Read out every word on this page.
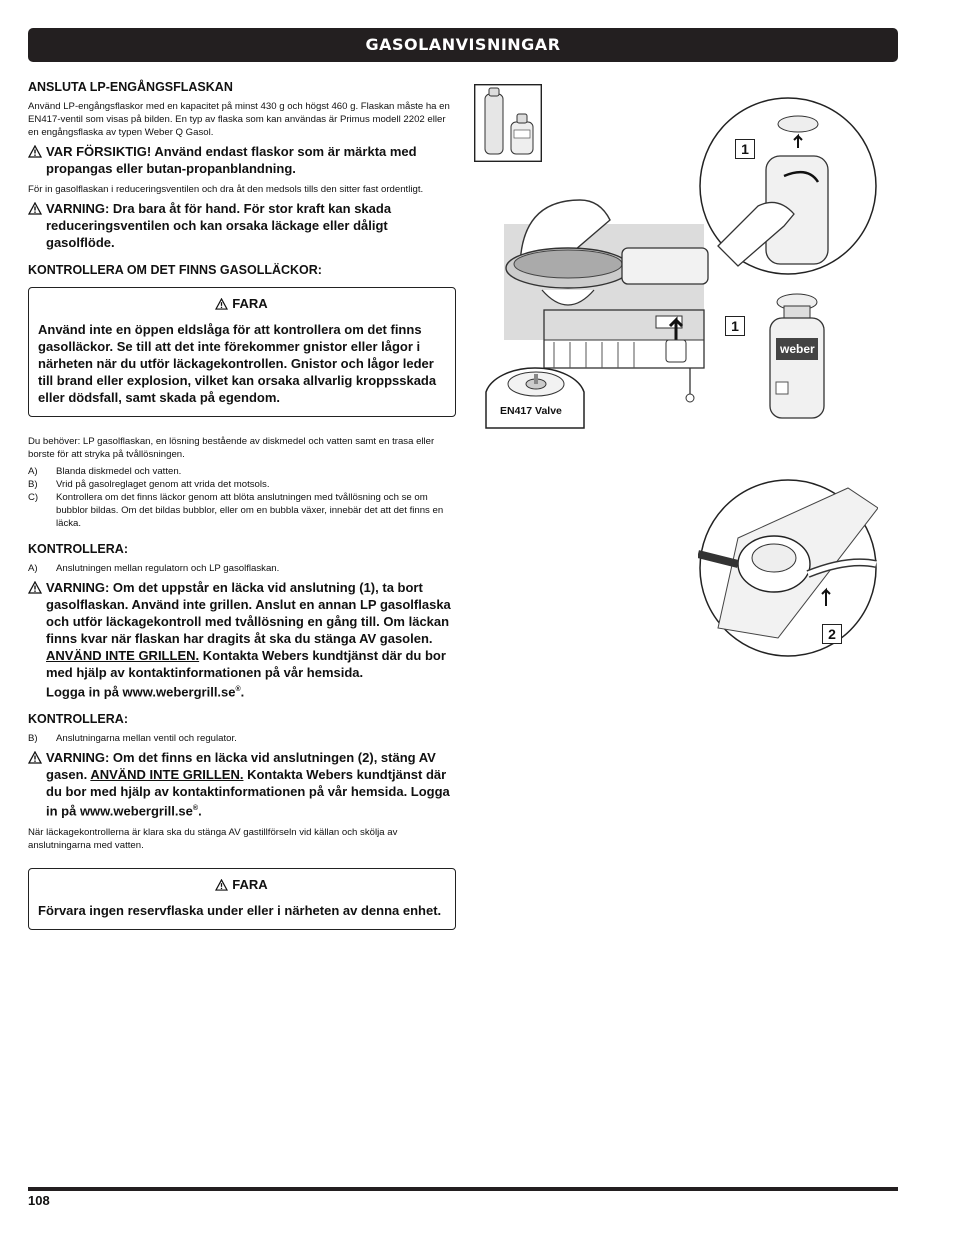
GASOLANVISNINGAR
ANSLUTA LP-ENGÅNGSFLASKAN

Använd LP-engångsflaskor med en kapacitet på minst 430 g och högst 460 g. Flaskan måste ha en EN417-ventil som visas på bilden. En typ av flaska som kan användas är Primus modell 2202 eller en engångsflaska av typen Weber Q Gasol.

VAR FÖRSIKTIG! Använd endast flaskor som är märkta med propangas eller butan-propanblandning.

För in gasolflaskan i reduceringsventilen och dra åt den medsols tills den sitter fast ordentligt.

VARNING: Dra bara åt för hand. För stor kraft kan skada reduceringsventilen och kan orsaka läckage eller dåligt gasolflöde.
KONTROLLERA OM DET FINNS GASOLLÄCKOR:
FARA
Använd inte en öppen eldslåga för att kontrollera om det finns gasolläckor. Se till att det inte förekommer gnistor eller lågor i närheten när du utför läckagekontrollen. Gnistor och lågor leder till brand eller explosion, vilket kan orsaka allvarlig kroppsskada eller dödsfall, samt skada på egendom.

Du behöver: LP gasolflaskan, en lösning bestående av diskmedel och vatten samt en trasa eller borste för att stryka på tvållösningen.

A)	Blanda diskmedel och vatten.
B)	Vrid på gasolreglaget genom att vrida det motsols.
C)	Kontrollera om det finns läckor genom att blöta anslutningen med tvållösning och se om bubblor bildas. Om det bildas bubblor, eller om en bubbla växer, innebär det att det finns en läcka.
KONTROLLERA:
A)	Anslutningen mellan regulatorn och LP gasolflaskan.
VARNING: Om det uppstår en läcka vid anslutning (1), ta bort gasolflaskan. Använd inte grillen. Anslut en annan LP gasolflaska och utför läckagekontroll med tvållösning en gång till. Om läckan finns kvar när flaskan har dragits åt ska du stänga AV gasolen. ANVÄND INTE GRILLEN. Kontakta Webers kundtjänst där du bor med hjälp av kontaktinformationen på vår hemsida.
Logga in på www.webergrill.se®.
KONTROLLERA:
B)	Anslutningarna mellan ventil och regulator.
VARNING: Om det finns en läcka vid anslutningen (2), stäng AV gasen. ANVÄND INTE GRILLEN. Kontakta Webers kundtjänst där du bor med hjälp av kontaktinformationen på vår hemsida. Logga in på www.webergrill.se®.

När läckagekontrollerna är klara ska du stänga AV gastillförseln vid källan och skölja av anslutningarna med vatten.

FARA
Förvara ingen reservflaska under eller i närheten av denna enhet.
EN417 Valve
1
weber
1
2
108
